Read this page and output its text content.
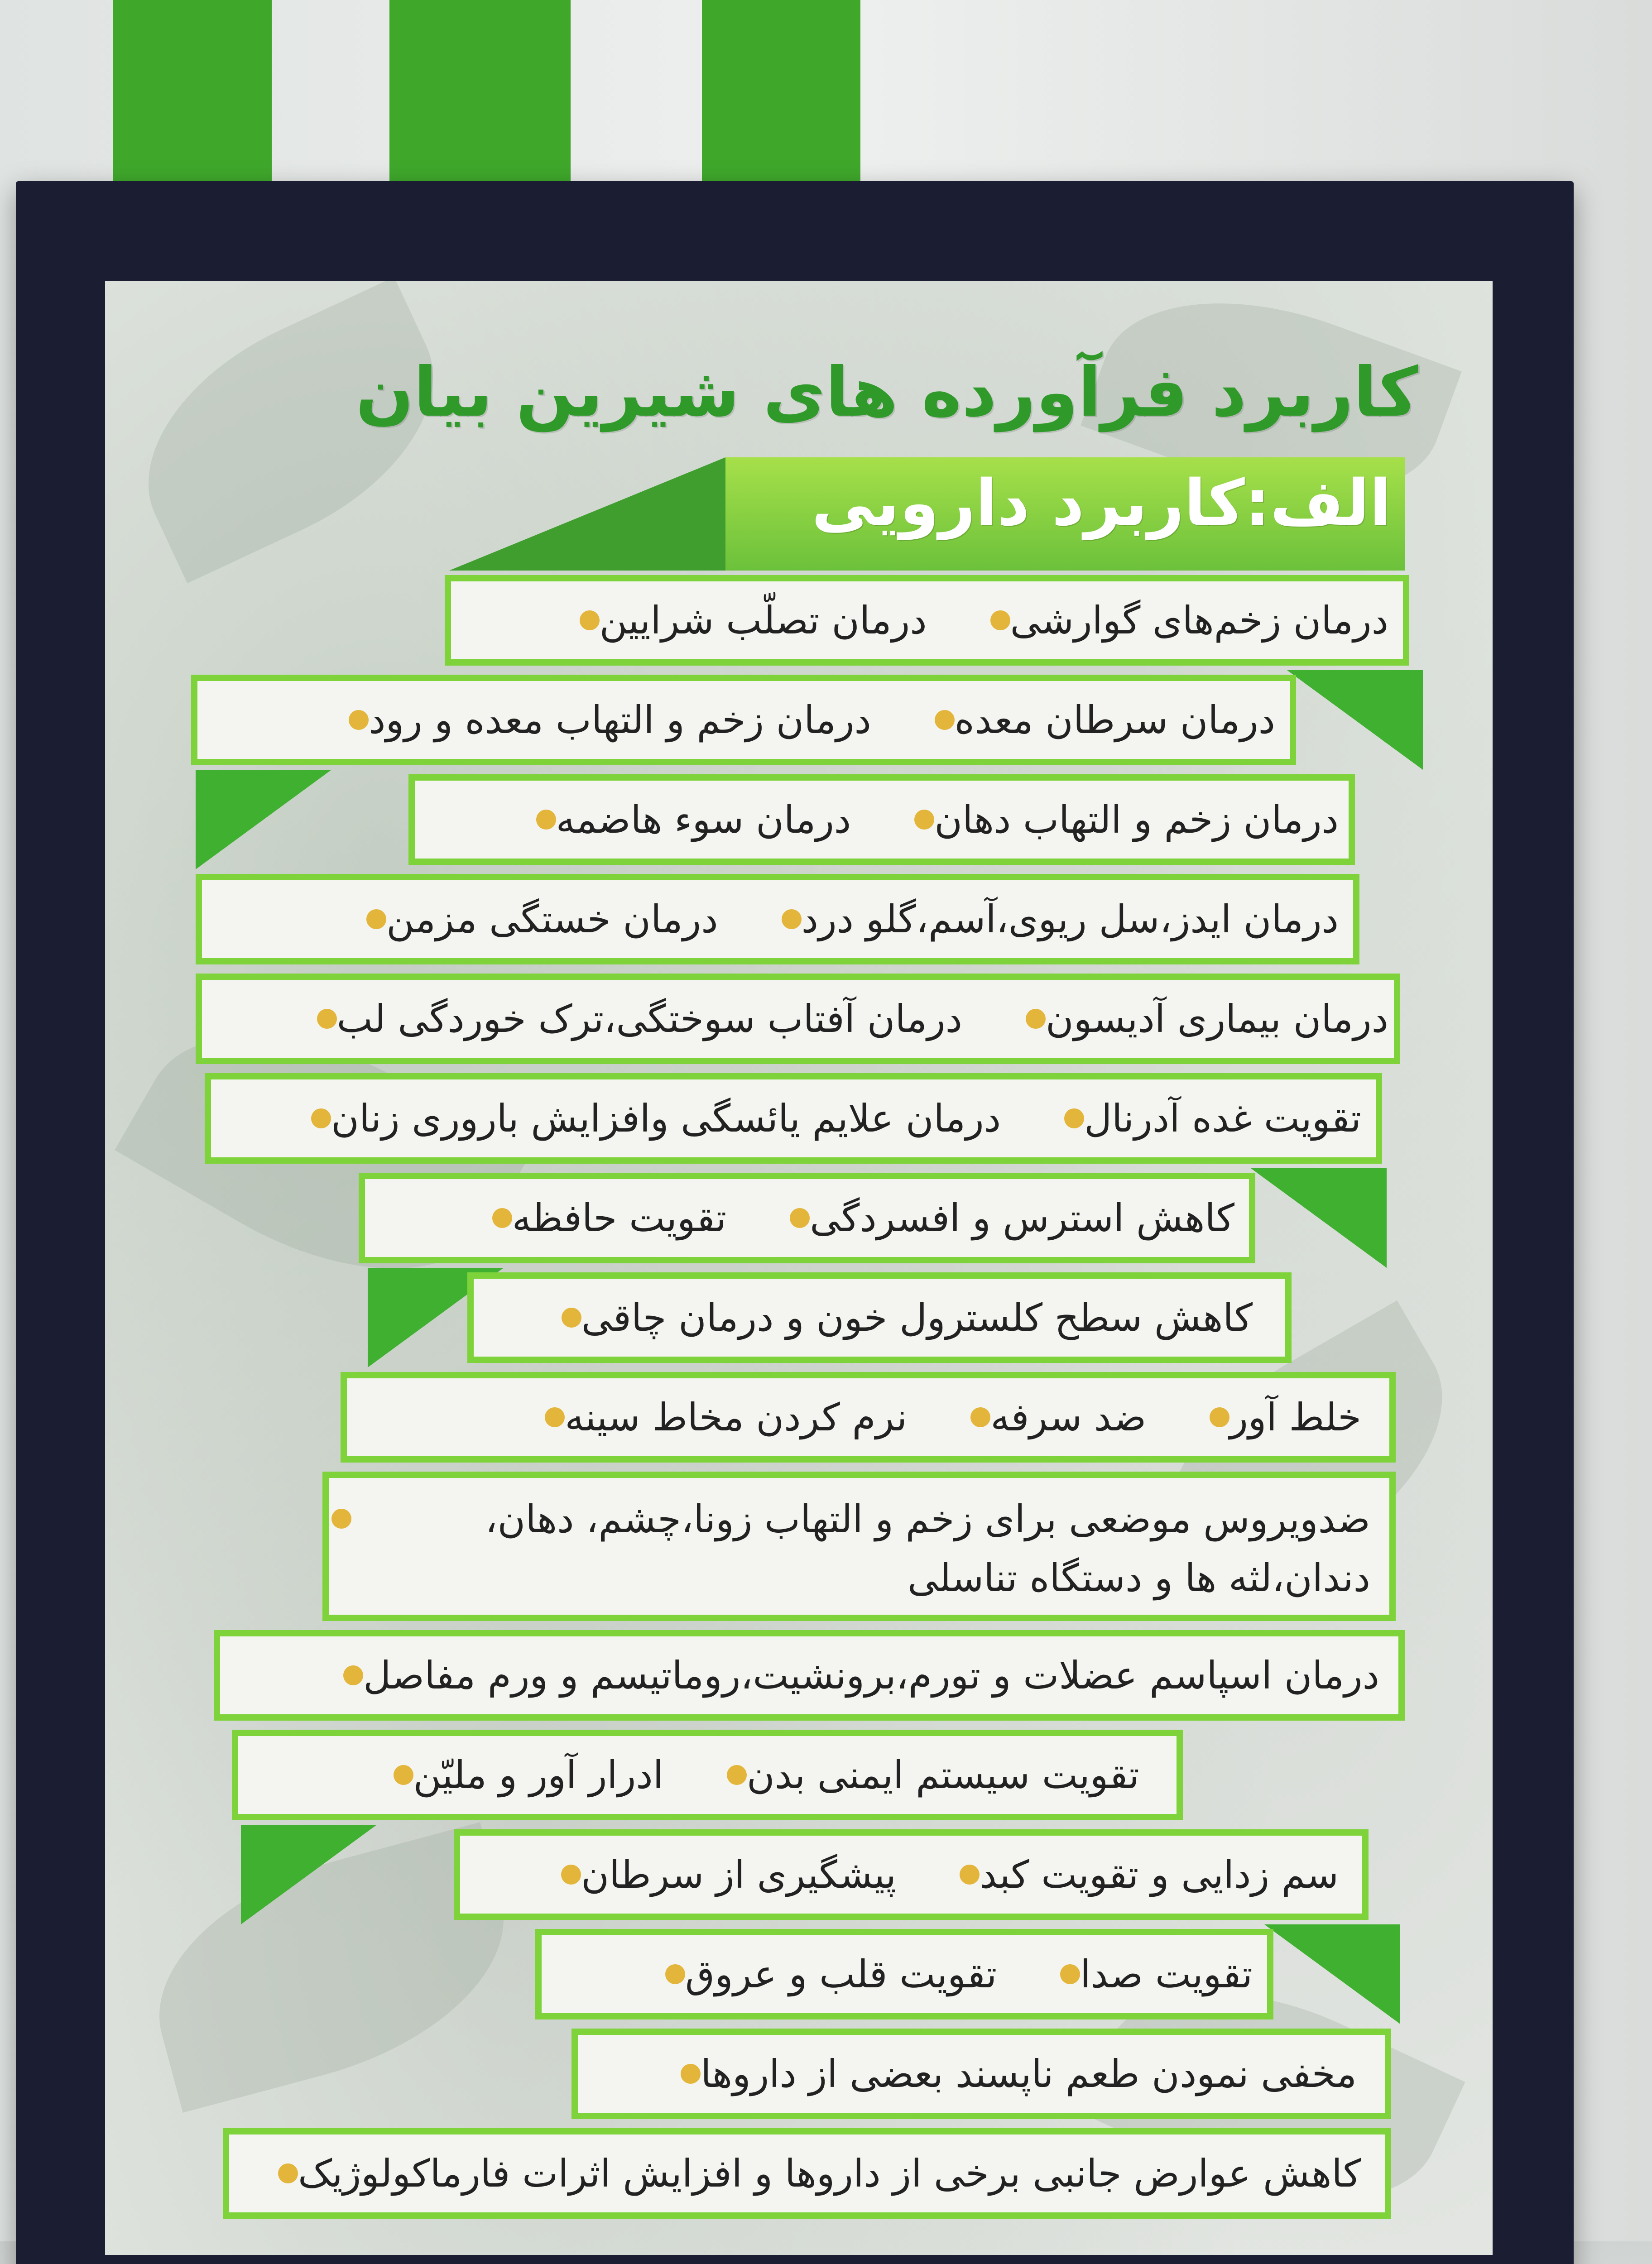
کاربرد فرآورده های شیرین بیان
الف:کاربرد دارویی
درمان تصلّب شرایین درمان زخم‌های گوارشی
درمان زخم و التهاب معده و رود درمان سرطان معده
درمان سوء هاضمه درمان زخم و التهاب دهان
درمان خستگی مزمن درمان ایدز،سل ریوی،آسم،گلو درد
درمان آفتاب سوختگی،ترک خوردگی لب درمان بیماری آدیسون
درمان علایم یائسگی وافزایش باروری زنان تقویت غده آدرنال
تقویت حافظه کاهش استرس و افسردگی
کاهش سطح کلسترول خون و درمان چاقی
نرم کردن مخاط سینه ضد سرفه خلط آور
ضدویروس موضعی برای زخم و التهاب زونا،چشم، دهان، دندان،لثه ها و دستگاه تناسلی
درمان اسپاسم عضلات و تورم،برونشیت،روماتیسم و ورم مفاصل
ادرار آور و ملیّن تقویت سیستم ایمنی بدن
پیشگیری از سرطان سم زدایی و تقویت کبد
تقویت قلب و عروق تقویت صدا
مخفی نمودن طعم ناپسند بعضی از داروها
کاهش عوارض جانبی برخی از داروها و افزایش اثرات فارماکولوژیک
